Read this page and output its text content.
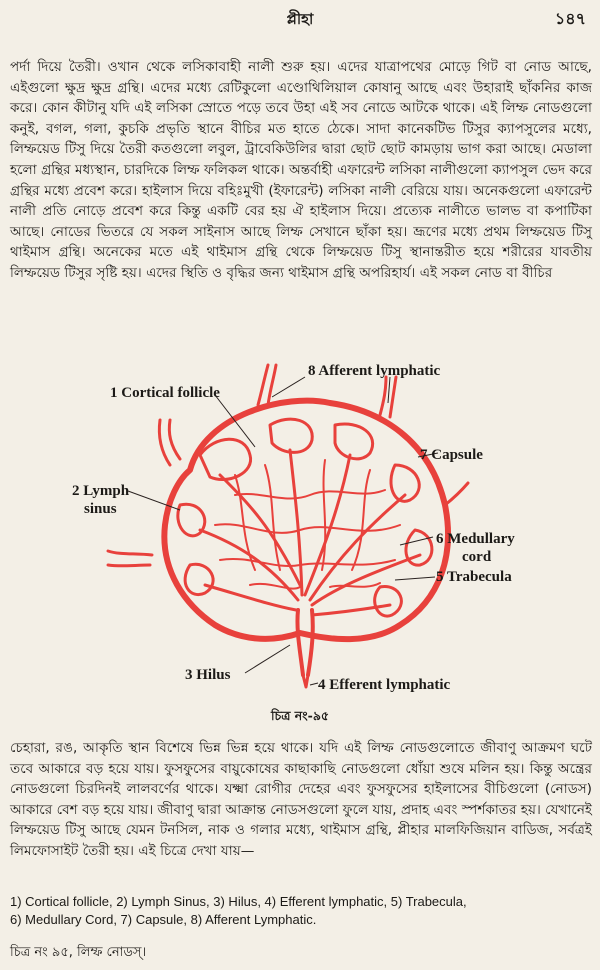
প্লীহা	১৪৭

পর্দা দিয়ে তৈরী। ওখান থেকে লসিকাবাহী নালী শুরু হয়। এদের যাত্রাপথের মোড়ে গিট বা নোড আছে, এইগুলো ক্ষুদ্র ক্ষুদ্র গ্রন্থি। এদের মধ্যে রেটিকুলো এণ্ডোথিলিয়াল কোষানু আছে এবং উহারাই ছাঁকনির কাজ করে। কোন কীটানু যদি এই লসিকা স্রোতে পড়ে তবে উহা এই সব নোডে আটকে থাকে। এই লিম্ফ নোডগুলো কনুই, বগল, গলা, কুচকি প্রভৃতি স্থানে বীচির মত হাতে ঠেকে। সাদা কানেকটিভ টিসুর ক্যাপসুলের মধ্যে, লিম্ফয়েড টিসু দিয়ে তৈরী কতগুলো লবুল, ট্রাবেকিউলির দ্বারা ছোট ছোট কামড়ায় ভাগ করা আছে। মেডালা হলো গ্রন্থির মধ্যস্থান, চারদিকে লিম্ফ ফলিকল থাকে। অন্তর্বাহী এফারেন্ট লসিকা নালীগুলো ক্যাপসুল ভেদ করে গ্রন্থির মধ্যে প্রবেশ করে। হাইলাস দিয়ে বহিঃমুখী (ইফারেন্ট) লসিকা নালী বেরিয়ে যায়। অনেকগুলো এফারেন্ট নালী প্রতি নোড়ে প্রবেশ করে কিন্তু একটি বের হয় ঐ হাইলাস দিয়ে। প্রত্যেক নালীতে ভালভ বা কপাটিকা আছে। নোডের ভিতরে যে সকল সাইনাস আছে লিম্ফ সেখানে ছাঁকা হয়। ভ্রূণের মধ্যে প্রথম লিম্ফয়েড টিসু থাইমাস গ্রন্থি। অনেকের মতে এই থাইমাস গ্রন্থি থেকে লিম্ফয়েড টিসু স্থানান্তরীত হয়ে শরীরের যাবতীয় লিম্ফয়েড টিসুর সৃষ্টি হয়। এদের স্থিতি ও বৃদ্ধির জন্য থাইমাস গ্রন্থি অপরিহার্য। এই সকল নোড বা বীচির

8 Afferent lymphatic
1 Cortical follicle
7 Capsule
2 Lymph
sinus
6 Medullary
cord
5 Trabecula
3 Hilus
4 Efferent lymphatic
চিত্র নং-৯৫

চেহারা, রঙ, আকৃতি স্থান বিশেষে ভিন্ন ভিন্ন হয়ে থাকে। যদি এই লিম্ফ নোডগুলোতে জীবাণু আক্রমণ ঘটে তবে আকারে বড় হয়ে যায়। ফুসফুসের বায়ুকোষের কাছাকাছি নোডগুলো ধোঁয়া শুষে মলিন হয়। কিন্তু অন্ত্রের নোডগুলো চিরদিনই লালবর্ণের থাকে। যক্ষ্মা রোগীর দেহের এবং ফুসফুসের হাইলাসের বীচিগুলো (নোডস) আকারে বেশ বড় হয়ে যায়। জীবাণু দ্বারা আক্রান্ত নোডসগুলো ফুলে যায়, প্রদাহ এবং স্পর্শকাতর হয়। যেখানেই লিম্ফয়েড টিসু আছে যেমন টনসিল, নাক ও গলার মধ্যে, থাইমাস গ্রন্থি, প্লীহার মালফিজিয়ান বাডিজ, সর্বত্রই লিমফোসাইট তৈরী হয়। এই চিত্রে দেখা যায়—

1) Cortical follicle, 2) Lymph Sinus, 3) Hilus, 4) Efferent lymphatic, 5) Trabecula,
6) Medullary Cord, 7) Capsule, 8) Afferent Lymphatic.
চিত্র নং ৯৫, লিম্ফ নোডস্‌।
